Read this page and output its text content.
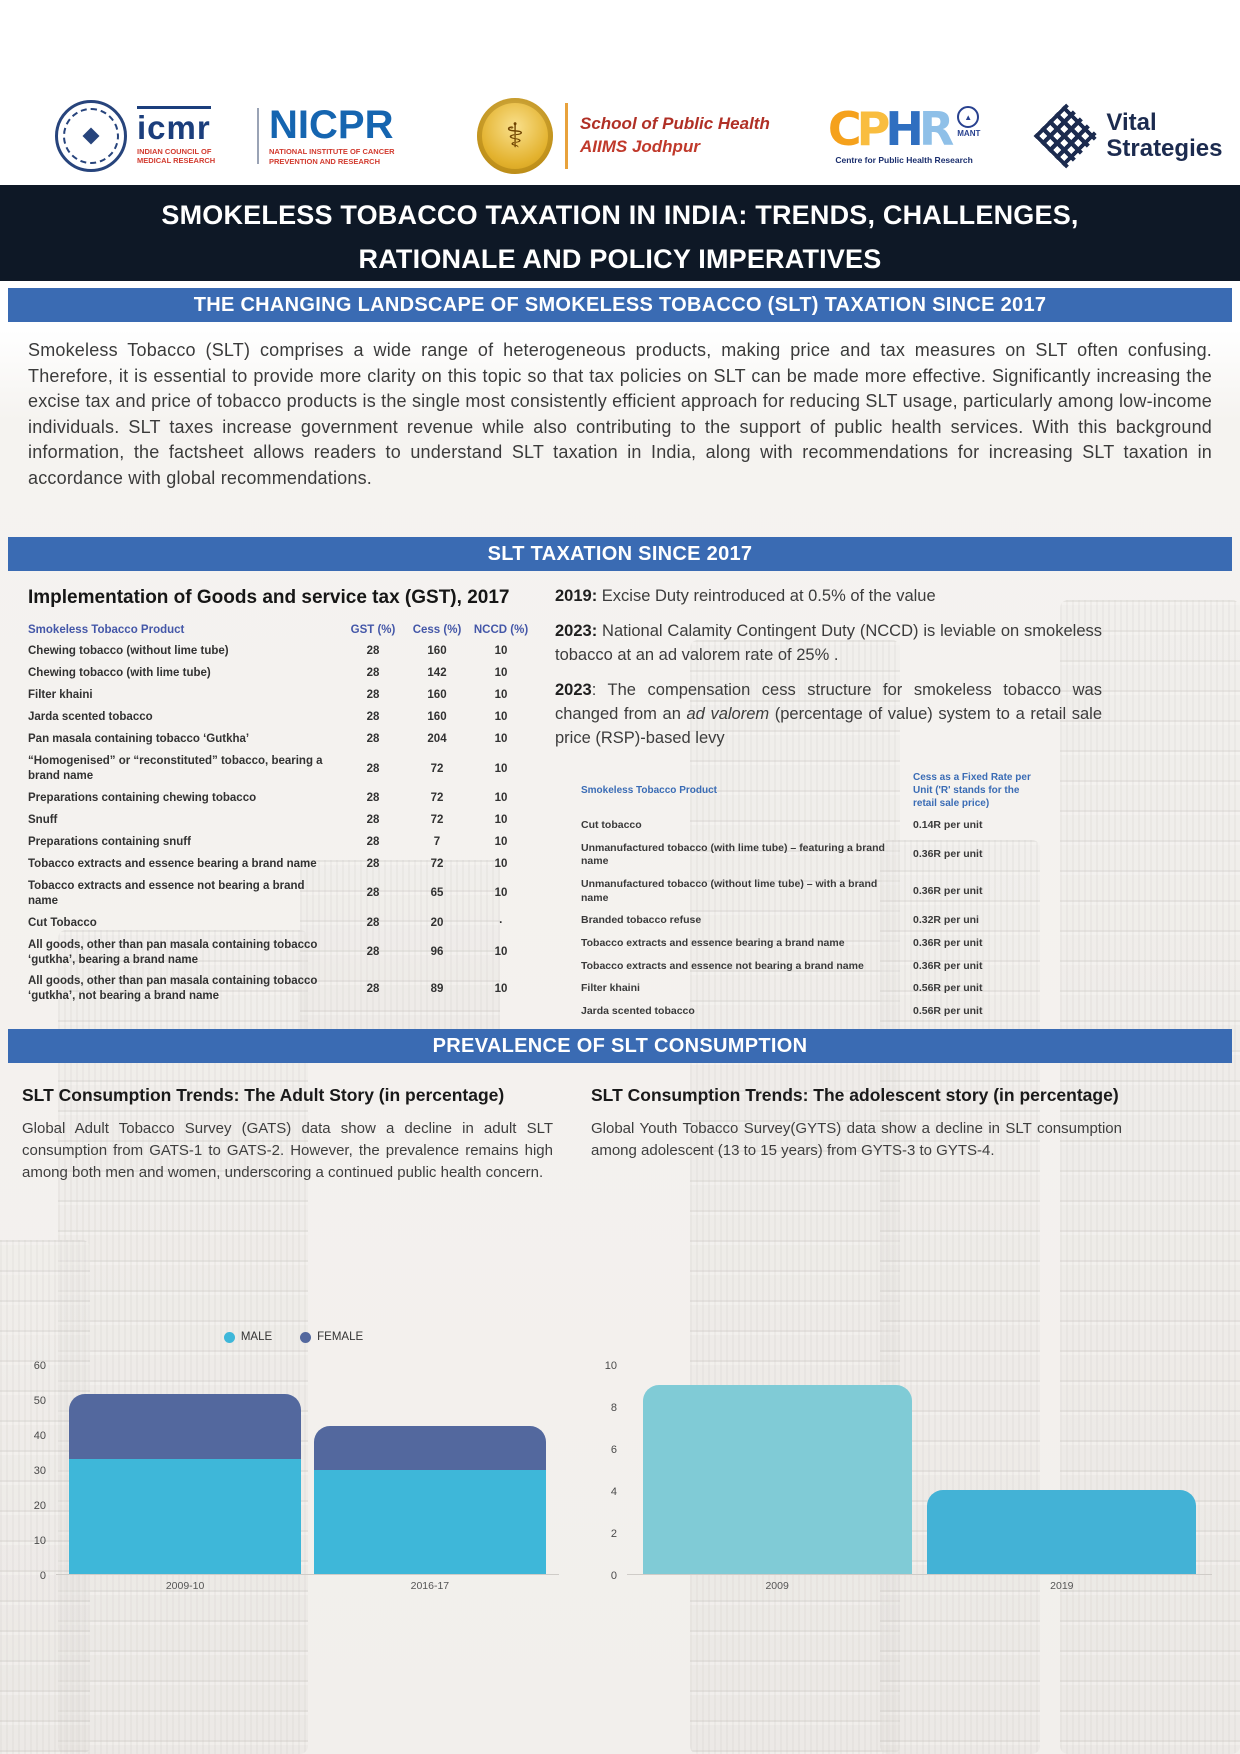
icmr
INDIAN COUNCIL OF MEDICAL RESEARCH
NICPR
NATIONAL INSTITUTE OF CANCER PREVENTION AND RESEARCH
⚕	School of Public Health
AIIMS Jodhpur	C P H R	▲
MANT
Centre for Public Health Research
Vital
Strategies
SMOKELESS TOBACCO TAXATION IN INDIA: TRENDS, CHALLENGES,
RATIONALE AND POLICY IMPERATIVES
THE CHANGING LANDSCAPE OF SMOKELESS TOBACCO (SLT) TAXATION SINCE 2017

Smokeless Tobacco (SLT) comprises a wide range of heterogeneous products, making price and tax measures on SLT often confusing. Therefore, it is essential to provide more clarity on this topic so that tax policies on SLT can be made more effective. Significantly increasing the excise tax and price of tobacco products is the single most consistently efficient approach for reducing SLT usage, particularly among low-income individuals. SLT taxes increase government revenue while also contributing to the support of public health services. With this background information, the factsheet allows readers to understand SLT taxation in India, along with recommendations for increasing SLT taxation in accordance with global recommendations.

SLT TAXATION SINCE 2017
Implementation of Goods and service tax (GST), 2017
Smokeless Tobacco Product	GST (%)	Cess (%)	NCCD (%)
Chewing tobacco (without lime tube)	28	160	10
Chewing tobacco (with lime tube)	28	142	10
Filter khaini	28	160	10
Jarda scented tobacco	28	160	10
Pan masala containing tobacco ‘Gutkha’	28	204	10
“Homogenised” or “reconstituted” tobacco, bearing a brand name
28	72	10
Preparations containing chewing tobacco	28	72	10
Snuff	28	72	10
Preparations containing snuff	28	7	10
Tobacco extracts and essence bearing a brand name	28	72	10
Tobacco extracts and essence not bearing a brand name
28	65	10
Cut Tobacco	28	20	·
All goods, other than pan masala containing tobacco ‘gutkha’, bearing a brand name
28	96	10
All goods, other than pan masala containing tobacco ‘gutkha’, not bearing a brand name
28	89	10

2019: Excise Duty reintroduced at 0.5% of the value

2023: National Calamity Contingent Duty (NCCD) is leviable on smokeless tobacco at an ad valorem rate of 25% .

2023: The compensation cess structure for smokeless tobacco was changed from an ad valorem (percentage of value) system to a retail sale price (RSP)-based levy

Smokeless Tobacco Product
Cess as a Fixed Rate per Unit ('R' stands for the retail sale price)
Cut tobacco	0.14R per unit
Unmanufactured tobacco (with lime tube) – featuring a brand name
0.36R per unit
Unmanufactured tobacco (without lime tube) – with a brand name
0.36R per unit
Branded tobacco refuse	0.32R per uni
Tobacco extracts and essence bearing a brand name	0.36R per unit
Tobacco extracts and essence not bearing a brand name	0.36R per unit
Filter khaini	0.56R per unit
Jarda scented tobacco	0.56R per unit
PREVALENCE OF SLT CONSUMPTION
SLT Consumption Trends: The Adult Story (in percentage)
Global Adult Tobacco Survey (GATS) data show a decline in adult SLT consumption from GATS-1 to GATS-2. However, the prevalence remains high among both men and women, underscoring a continued public health concern.
MALE	FEMALE
0
10
20
30
40
50
60
2009-10	2016-17
SLT Consumption Trends: The adolescent story (in percentage)
Global Youth Tobacco Survey(GYTS) data show a decline in SLT consumption among adolescent (13 to 15 years) from GYTS-3 to GYTS-4.
0
2
4
6
8
10
2009	2019
